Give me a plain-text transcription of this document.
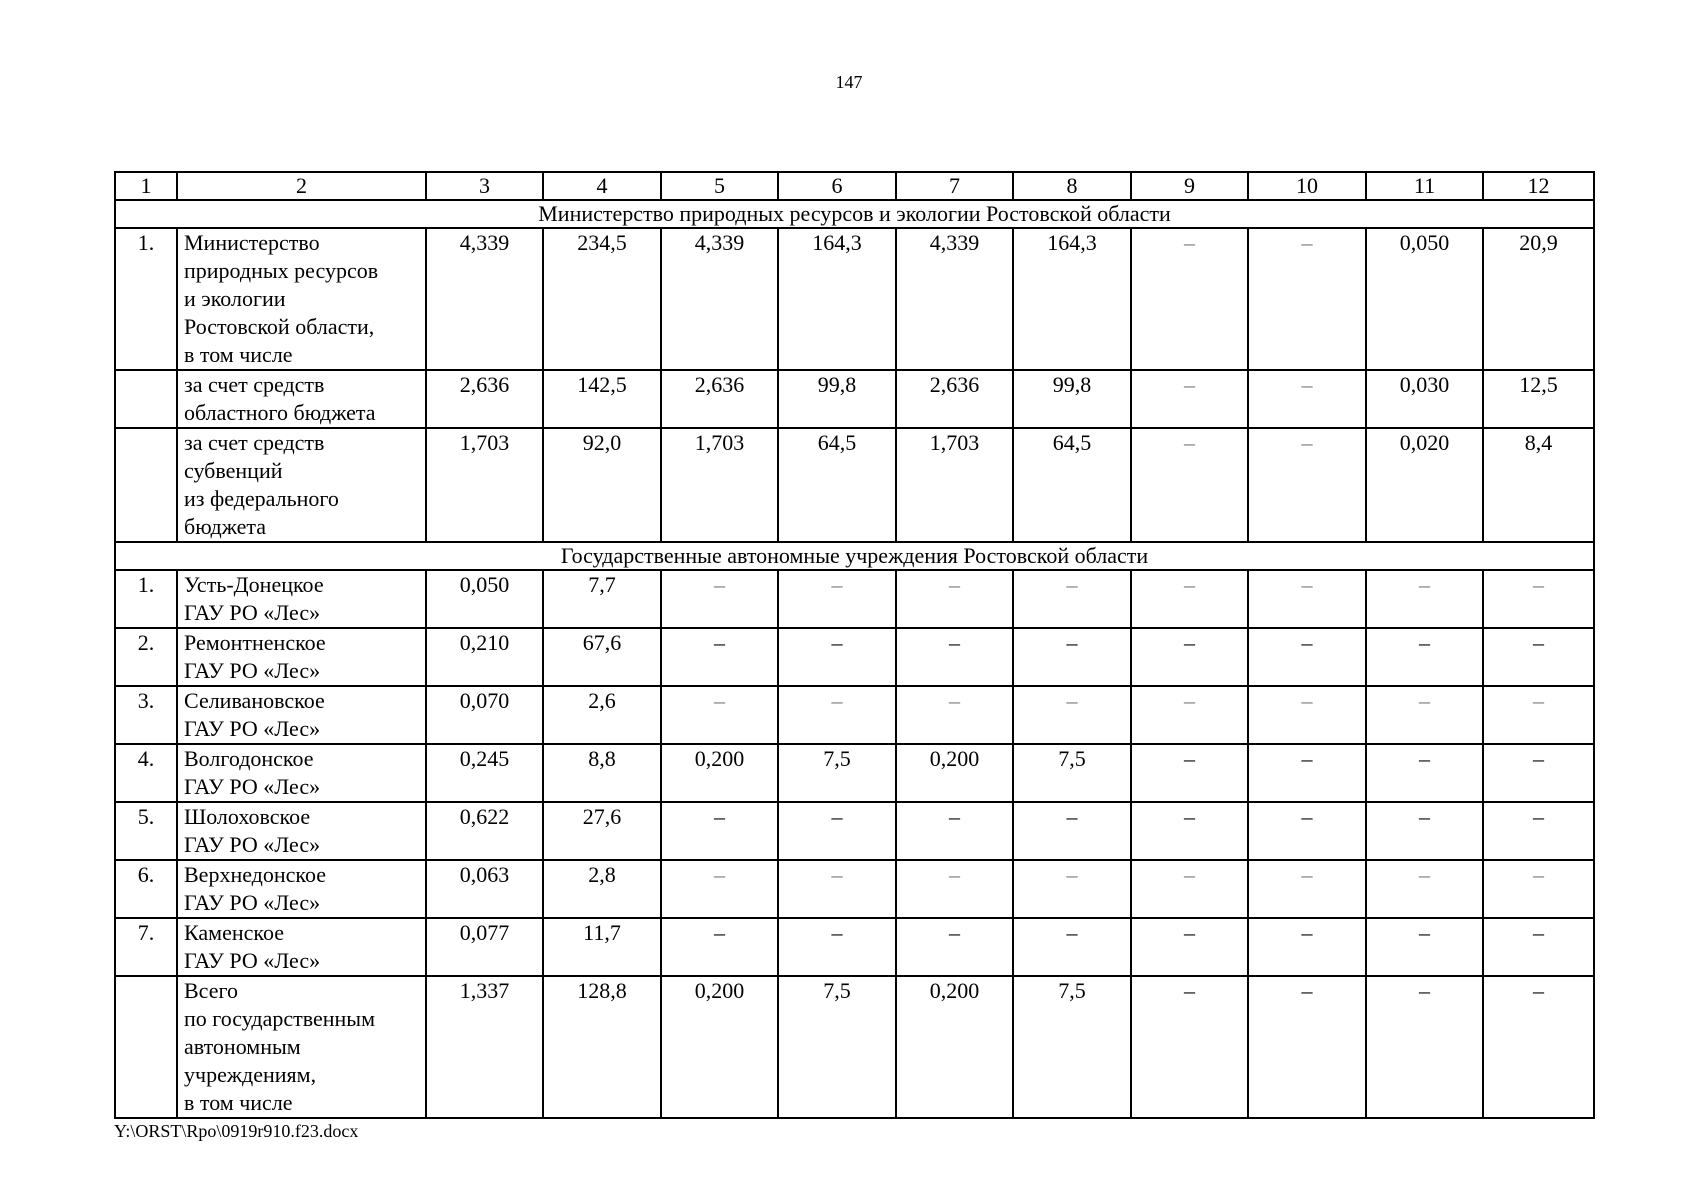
147
1	2	3	4	5	6	7	8	9	10	11	12
Министерство природных ресурсов и экологии Ростовской области											
1.	Министерство
природных ресурсов
и экологии
Ростовской области,
в том числе	4,339	234,5	4,339	164,3	4,339	164,3	–	–	0,050	20,9
	за счет средств
областного бюджета	2,636	142,5	2,636	99,8	2,636	99,8	–	–	0,030	12,5
	за счет средств
субвенций
из федерального
бюджета	1,703	92,0	1,703	64,5	1,703	64,5	–	–	0,020	8,4
Государственные автономные учреждения Ростовской области											
1.	Усть-Донецкое
ГАУ РО «Лес»	0,050	7,7	–	–	–	–	–	–	–	–
2.	Ремонтненское
ГАУ РО «Лес»	0,210	67,6	–	–	–	–	–	–	–	–
3.	Селивановское
ГАУ РО «Лес»	0,070	2,6	–	–	–	–	–	–	–	–
4.	Волгодонское
ГАУ РО «Лес»	0,245	8,8	0,200	7,5	0,200	7,5	–	–	–	–
5.	Шолоховское
ГАУ РО «Лес»	0,622	27,6	–	–	–	–	–	–	–	–
6.	Верхнедонское
ГАУ РО «Лес»	0,063	2,8	–	–	–	–	–	–	–	–
7.	Каменское
ГАУ РО «Лес»	0,077	11,7	–	–	–	–	–	–	–	–
	Всего
по государственным
автономным
учреждениям,
в том числе	1,337	128,8	0,200	7,5	0,200	7,5	–	–	–	–
Y:\ORST\Rpo\0919r910.f23.docx
